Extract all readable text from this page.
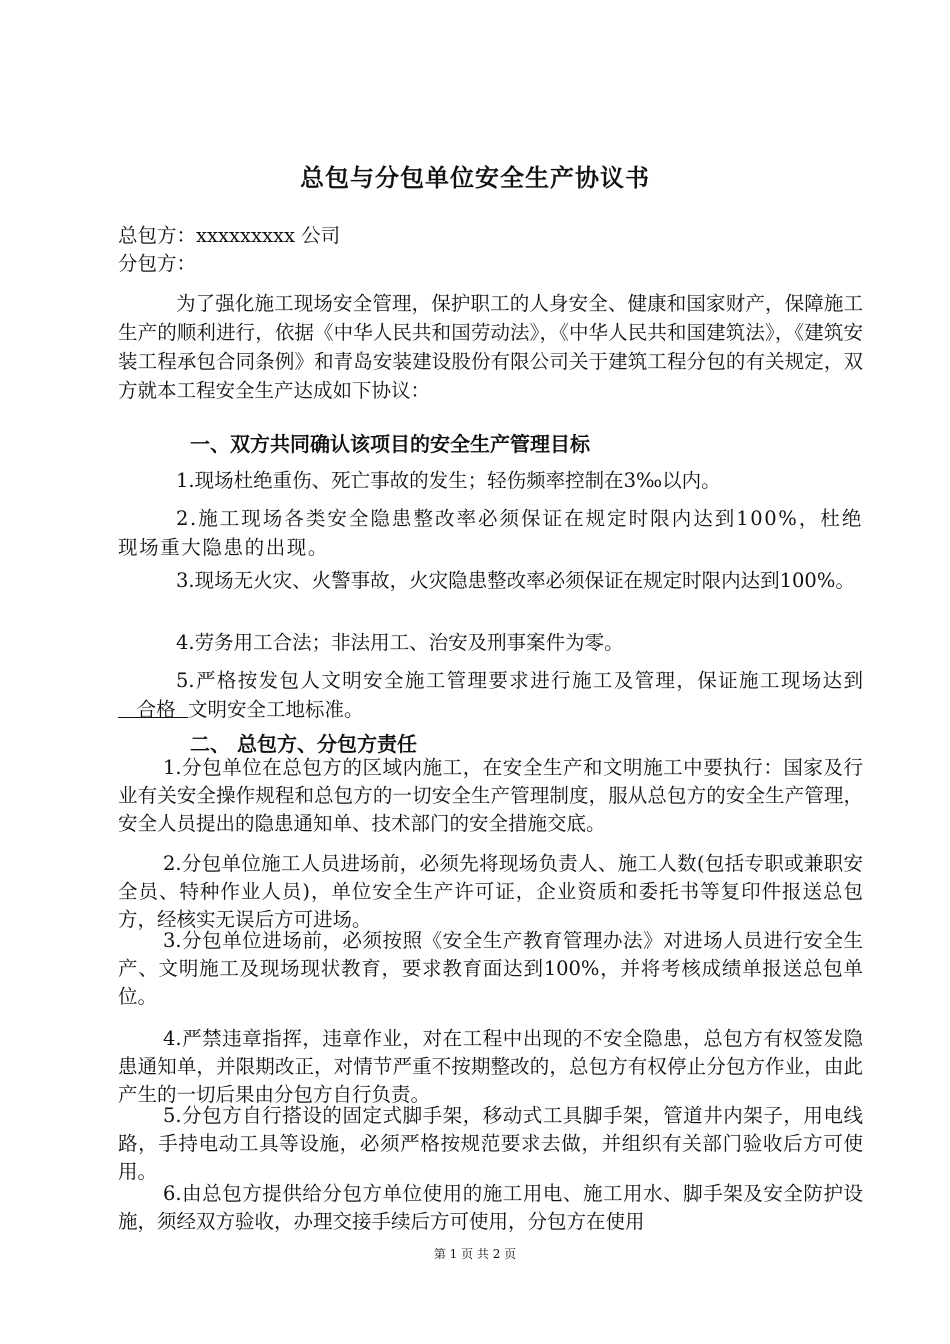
总包与分包单位安全生产协议书
总包方：xxxxxxxxx 公司
分包方：
为了强化施工现场安全管理，保护职工的人身安全、健康和国家财产，保障施工生产的顺利进行，依据《中华人民共和国劳动法》，《中华人民共和国建筑法》，《建筑安装工程承包合同条例》和青岛安装建设股份有限公司关于建筑工程分包的有关规定，双方就本工程安全生产达成如下协议：
一、双方共同确认该项目的安全生产管理目标
1.现场杜绝重伤、死亡事故的发生；轻伤频率控制在3‰以内。
2.施工现场各类安全隐患整改率必须保证在规定时限内达到100%，杜绝现场重大隐患的出现。
3.现场无火灾、火警事故，火灾隐患整改率必须保证在规定时限内达到100%。
4.劳务用工合法；非法用工、治安及刑事案件为零。
5.严格按发包人文明安全施工管理要求进行施工及管理，保证施工现场达到   合格  文明安全工地标准。
二、 总包方、分包方责任
1.分包单位在总包方的区域内施工，在安全生产和文明施工中要执行：国家及行业有关安全操作规程和总包方的一切安全生产管理制度，服从总包方的安全生产管理，安全人员提出的隐患通知单、技术部门的安全措施交底。
2.分包单位施工人员进场前，必须先将现场负责人、施工人数(包括专职或兼职安全员、特种作业人员)，单位安全生产许可证，企业资质和委托书等复印件报送总包方，经核实无误后方可进场。
3.分包单位进场前，必须按照《安全生产教育管理办法》对进场人员进行安全生产、文明施工及现场现状教育，要求教育面达到100%，并将考核成绩单报送总包单位。
4.严禁违章指挥，违章作业，对在工程中出现的不安全隐患，总包方有权签发隐患通知单，并限期改正，对情节严重不按期整改的，总包方有权停止分包方作业，由此产生的一切后果由分包方自行负责。
5.分包方自行搭设的固定式脚手架，移动式工具脚手架，管道井内架子，用电线路，手持电动工具等设施，必须严格按规范要求去做，并组织有关部门验收后方可使用。
6.由总包方提供给分包方单位使用的施工用电、施工用水、脚手架及安全防护设施，须经双方验收，办理交接手续后方可使用，分包方在使用
第 1 页 共 2 页
